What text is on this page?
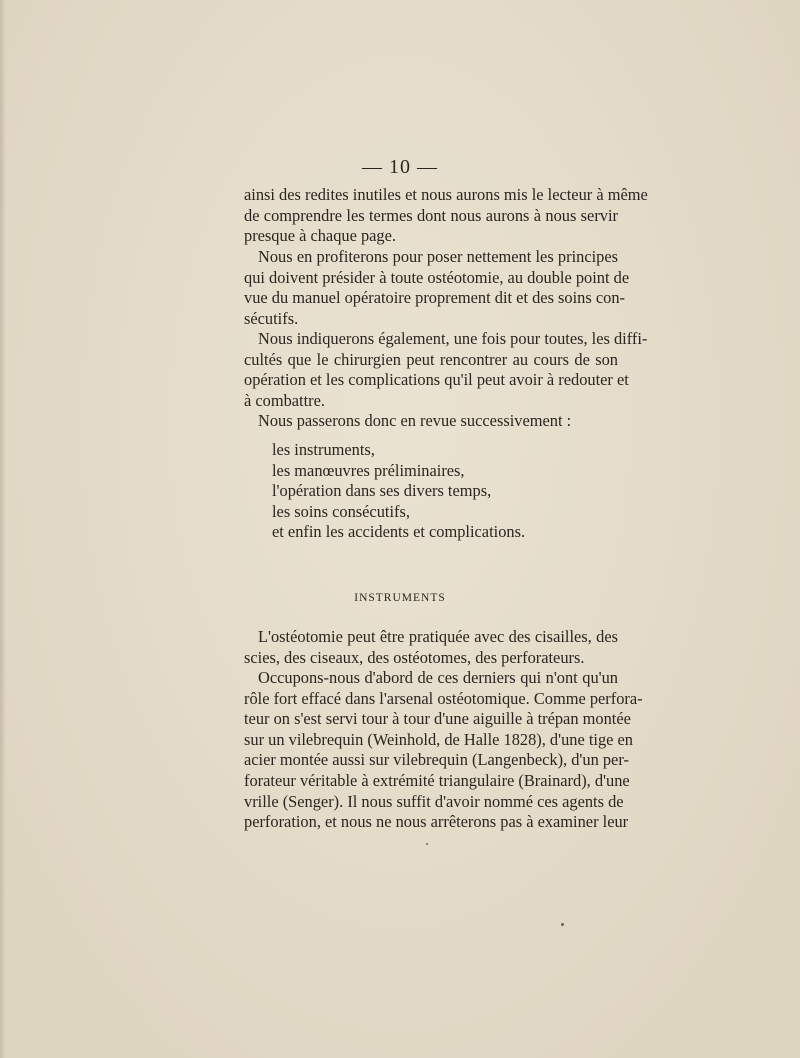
— 10 —
ainsi des redites inutiles et nous aurons mis le lecteur à même
de comprendre les termes dont nous aurons à nous servir
presque à chaque page.
Nous en profiterons pour poser nettement les principes
qui doivent présider à toute ostéotomie, au double point de
vue du manuel opératoire proprement dit et des soins con-
sécutifs.
Nous indiquerons également, une fois pour toutes, les diffi-
cultés que le chirurgien peut rencontrer au cours de son
opération et les complications qu'il peut avoir à redouter et
à combattre.
Nous passerons donc en revue successivement :
les instruments,
les manœuvres préliminaires,
l'opération dans ses divers temps,
les soins consécutifs,
et enfin les accidents et complications.
INSTRUMENTS
L'ostéotomie peut être pratiquée avec des cisailles, des
scies, des ciseaux, des ostéotomes, des perforateurs.
Occupons-nous d'abord de ces derniers qui n'ont qu'un
rôle fort effacé dans l'arsenal ostéotomique. Comme perfora-
teur on s'est servi tour à tour d'une aiguille à trépan montée
sur un vilebrequin (Weinhold, de Halle 1828), d'une tige en
acier montée aussi sur vilebrequin (Langenbeck), d'un per-
forateur véritable à extrémité triangulaire (Brainard), d'une
vrille (Senger). Il nous suffit d'avoir nommé ces agents de
perforation, et nous ne nous arrêterons pas à examiner leur
